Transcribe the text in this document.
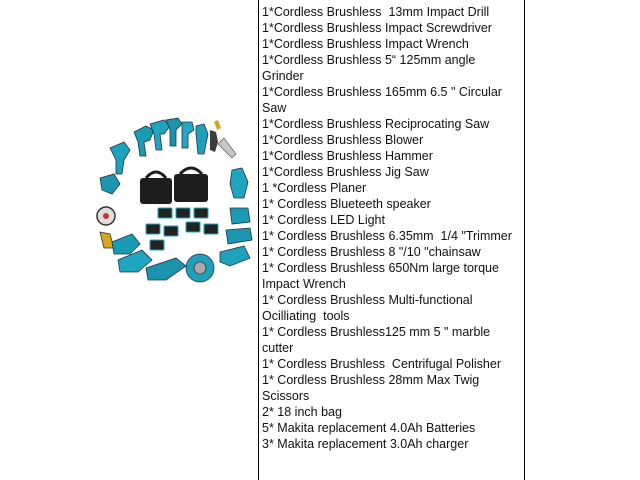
1*Cordless Brushless  13mm Impact Drill
1*Cordless Brushless Impact Screwdriver
1*Cordless Brushless Impact Wrench
1*Cordless Brushless 5“ 125mm angle Grinder
1*Cordless Brushless 165mm 6.5 " Circular Saw
1*Cordless Brushless Reciprocating Saw
1*Cordless Brushless Blower
1*Cordless Brushless Hammer
1*Cordless Brushless Jig Saw
1 *Cordless Planer
1* Cordless Blueteeth speaker
1* Cordless LED Light
1* Cordless Brushless 6.35mm  1/4 "Trimmer
1* Cordless Brushless 8 "/10 "chainsaw
1* Cordless Brushless 650Nm large torque Impact Wrench
1* Cordless Brushless Multi-functional Ocilliating  tools
1* Cordless Brushless125 mm 5 " marble cutter
1* Cordless Brushless  Centrifugal Polisher
1* Cordless Brushless 28mm Max Twig Scissors
2* 18 inch bag
5* Makita replacement 4.0Ah Batteries
3* Makita replacement 3.0Ah charger
